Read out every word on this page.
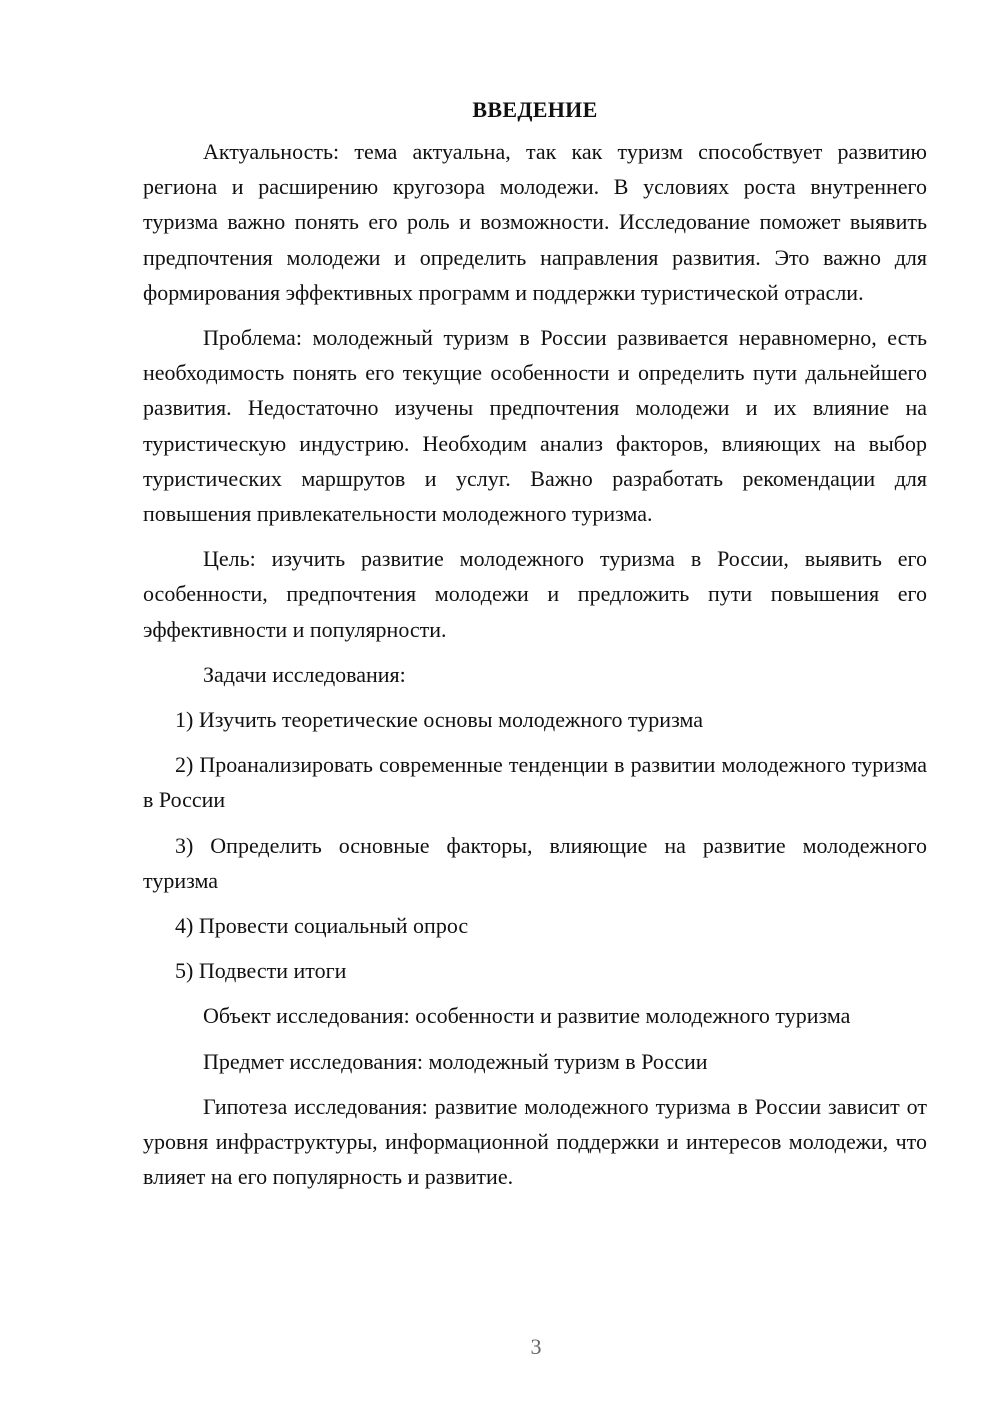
ВВЕДЕНИЕ

Актуальность: тема актуальна, так как туризм способствует развитию региона и расширению кругозора молодежи. В условиях роста внутреннего туризма важно понять его роль и возможности. Исследование поможет выявить предпочтения молодежи и определить направления развития. Это важно для формирования эффективных программ и поддержки туристической отрасли.

Проблема: молодежный туризм в России развивается неравномерно, есть необходимость понять его текущие особенности и определить пути дальнейшего развития. Недостаточно изучены предпочтения молодежи и их влияние на туристическую индустрию. Необходим анализ факторов, влияющих на выбор туристических маршрутов и услуг. Важно разработать рекомендации для повышения привлекательности молодежного туризма.

Цель: изучить развитие молодежного туризма в России, выявить его особенности, предпочтения молодежи и предложить пути повышения его эффективности и популярности.

Задачи исследования:

1) Изучить теоретические основы молодежного туризма

2) Проанализировать современные тенденции в развитии молодежного туризма в России

3) Определить основные факторы, влияющие на развитие молодежного туризма

4) Провести социальный опрос

5) Подвести итоги

Объект исследования: особенности и развитие молодежного туризма

Предмет исследования: молодежный туризм в России

Гипотеза исследования: развитие молодежного туризма в России зависит от уровня инфраструктуры, информационной поддержки и интересов молодежи, что влияет на его популярность и развитие.

3
